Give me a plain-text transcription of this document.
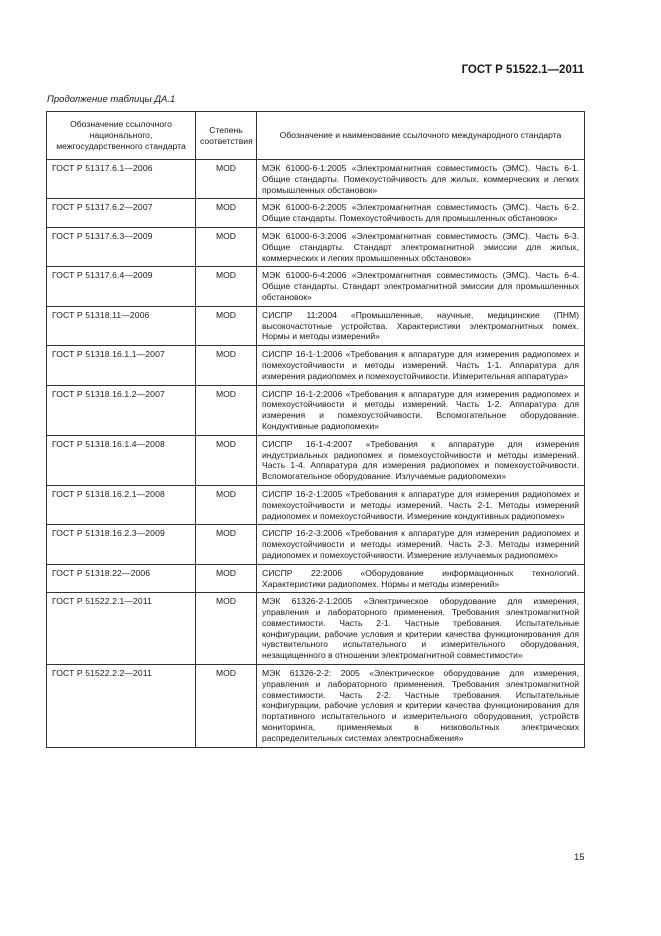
ГОСТ Р 51522.1—2011
Продолжение таблицы ДА.1
Обозначение ссылочного национального, межгосударственного стандарта	Степень соответствия	Обозначение и наименование ссылочного международного стандарта
ГОСТ Р 51317.6.1—2006	MOD	МЭК 61000-6-1:2005 «Электромагнитная совместимость (ЭМС). Часть 6-1. Общие стандарты. Помехоустойчивость для жилых, коммерческих и легких промышленных обстановок»
ГОСТ Р 51317.6.2—2007	MOD	МЭК 61000-6-2:2005 «Электромагнитная совместимость (ЭМС). Часть 6-2. Общие стандарты. Помехоустойчивость для промышленных обстановок»
ГОСТ Р 51317.6.3—2009	MOD	МЭК 61000-6-3:2006 «Электромагнитная совместимость (ЭМС). Часть 6-3. Общие стандарты. Стандарт электромагнитной эмиссии для жилых, коммерческих и легких промышленных обстановок»
ГОСТ Р 51317.6.4—2009	MOD	МЭК 61000-6-4:2006 «Электромагнитная совместимость (ЭМС). Часть 6-4. Общие стандарты. Стандарт электромагнитной эмиссии для промышленных обстановок»
ГОСТ Р 51318.11—2006	MOD	СИСПР 11:2004 «Промышленные, научные, медицинские (ПНМ) высокочастотные устройства. Характеристики электромагнитных помех. Нормы и методы измерений»
ГОСТ Р 51318.16.1.1—2007	MOD	СИСПР 16-1-1:2006 «Требования к аппаратуре для измерения радиопомех и помехоустойчивости и методы измерений. Часть 1-1. Аппаратура для измерения радиопомех и помехоустойчивости. Измерительная аппаратура»
ГОСТ Р 51318.16.1.2—2007	MOD	СИСПР 16-1-2:2006 «Требования к аппаратуре для измерения радиопомех и помехоустойчивости и методы измерений. Часть 1-2. Аппаратура для измерения и помехоустойчивости. Вспомогательное оборудование. Кондуктивные радиопомехи»
ГОСТ Р 51318.16.1.4—2008	MOD	СИСПР 16-1-4:2007 «Требования к аппаратуре для измерения индустриальных радиопомех и помехоустойчивости и методы измерений. Часть 1-4. Аппаратура для измерения радиопомех и помехоустойчивости. Вспомогательное оборудование. Излучаемые радиопомехи»
ГОСТ Р 51318.16.2.1—2008	MOD	СИСПР 16-2-1:2005 «Требования к аппаратуре для измерения радиопомех и помехоустойчивости и методы измерений. Часть 2-1. Методы измерений радиопомех и помехоустойчивости. Измерение кондуктивных радиопомех»
ГОСТ Р 51318.16.2.3—2009	MOD	СИСПР 16-2-3:2006 «Требования к аппаратуре для измерения радиопомех и помехоустойчивости и методы измерений. Часть 2-3. Методы измерений радиопомех и помехоустойчивости. Измерение излучаемых радиопомех»
ГОСТ Р 51318.22—2006	MOD	СИСПР 22:2006 «Оборудование информационных технологий. Характеристики радиопомех. Нормы и методы измерений»
ГОСТ Р 51522.2.1—2011	MOD	МЭК 61326-2-1:2005 «Электрическое оборудование для измерения, управления и лабораторного применения. Требования электромагнитной совместимости. Часть 2-1. Частные требования. Испытательные конфигурации, рабочие условия и критерии качества функционирования для чувствительного испытательного и измерительного оборудования, незащищенного в отношении электромагнитной совместимости»
ГОСТ Р 51522.2.2—2011	MOD	МЭК 61326-2-2: 2005 «Электрическое оборудование для измерения, управления и лабораторного применения. Требования электромагнитной совместимости. Часть 2-2. Частные требования. Испытательные конфигурации, рабочие условия и критерии качества функционирования для портативного испытательного и измерительного оборудования, устройств мониторинга, применяемых в низковольтных электрических распределительных системах электроснабжения»
15
